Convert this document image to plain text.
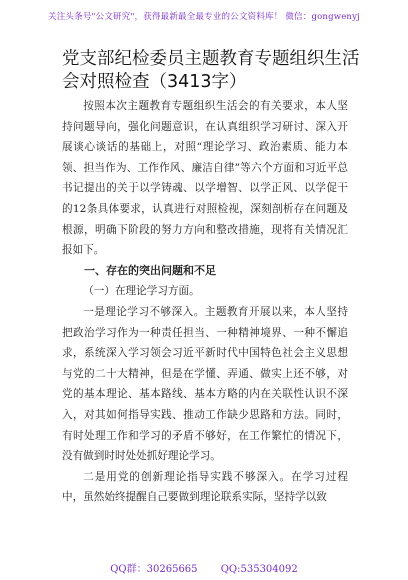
关注头条号"公文研究"，获得最新最全最专业的公文资料库！ 微信：gongwenyj
党支部纪检委员主题教育专题组织生活会对照检查（3413字）

按照本次主题教育专题组织生活会的有关要求，本人坚持问题导向，强化问题意识，在认真组织学习研讨、深入开展谈心谈话的基础上，对照“理论学习、政治素质、能力本领、担当作为、工作作风、廉洁自律”等六个方面和习近平总书记提出的关于以学铸魂、以学增智、以学正风、以学促干的12条具体要求，认真进行对照检视，深刻剖析存在问题及根源，明确下阶段的努力方向和整改措施，现将有关情况汇报如下。

一、存在的突出问题和不足

（一）在理论学习方面。

一是理论学习不够深入。主题教育开展以来，本人坚持把政治学习作为一种责任担当、一种精神境界、一种不懈追求，系统深入学习领会习近平新时代中国特色社会主义思想与党的二十大精神，但是在学懂、弄通、做实上还不够，对党的基本理论、基本路线、基本方略的内在关联性认识不深入，对其如何指导实践、推动工作缺少思路和方法。同时，有时处理工作和学习的矛盾不够好，在工作繁忙的情况下，没有做到时时处处抓好理论学习。

二是用党的创新理论指导实践不够深入。在学习过程中，虽然始终提醒自己要做到理论联系实际，坚持学以致

QQ群：30265665 QQ:535304092
